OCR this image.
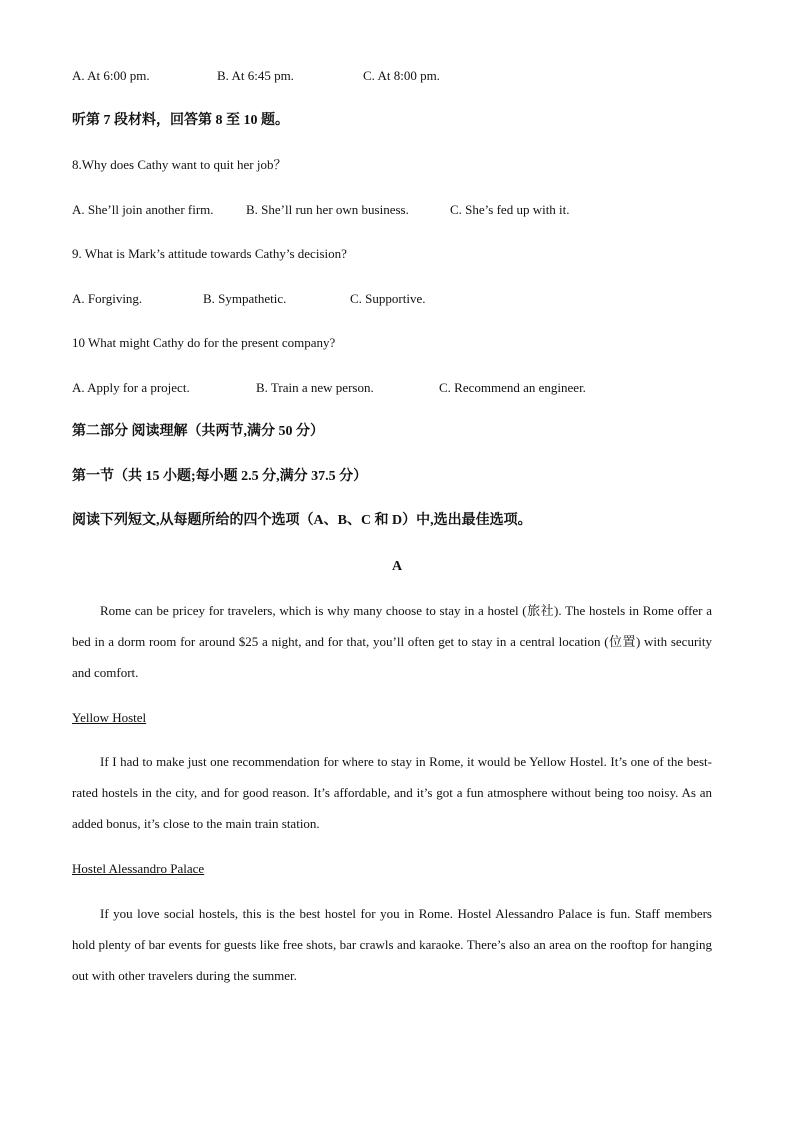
A. At 6:00 pm.	B. At 6:45 pm.	C. At 8:00 pm.
听第 7 段材料，回答第 8 至 10 题。
8.Why does Cathy want to quit her job？
A. She’ll join another firm. B. She’ll run her own business.	C. She’s fed up with it.
9. What is Mark’s attitude towards Cathy’s decision?
A. Forgiving.	B. Sympathetic.	C. Supportive.
10 What might Cathy do for the present company?
A. Apply for a project.	B. Train a new person.	C. Recommend an engineer.
第二部分 阅读理解（共两节,满分 50 分）
第一节（共 15 小题;每小题 2.5 分,满分 37.5 分）
阅读下列短文,从每题所给的四个选项（A、B、C 和 D）中,选出最佳选项。
A
Rome can be pricey for travelers, which is why many choose to stay in a hostel (旅社). The hostels in Rome offer a bed in a dorm room for around $25 a night, and for that, you’ll often get to stay in a central location (位置) with security and comfort.
Yellow Hostel
If I had to make just one recommendation for where to stay in Rome, it would be Yellow Hostel. It’s one of the best-rated hostels in the city, and for good reason. It’s affordable, and it’s got a fun atmosphere without being too noisy. As an added bonus, it’s close to the main train station.
Hostel Alessandro Palace
If you love social hostels, this is the best hostel for you in Rome. Hostel Alessandro Palace is fun. Staff members hold plenty of bar events for guests like free shots, bar crawls and karaoke. There’s also an area on the rooftop for hanging out with other travelers during the summer.
